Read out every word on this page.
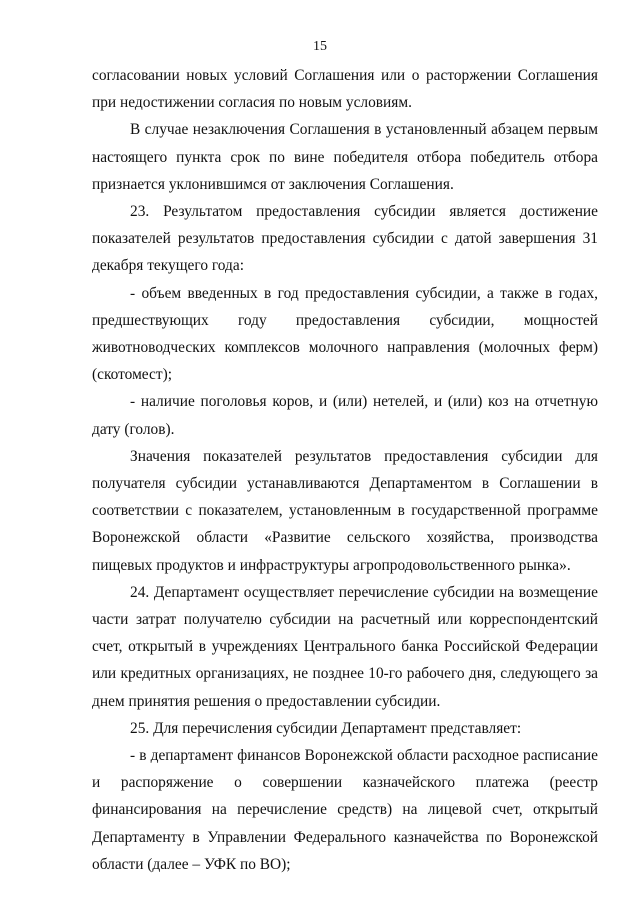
15

согласовании новых условий Соглашения или о расторжении Соглашения при недостижении согласия по новым условиям.

В случае незаключения Соглашения в установленный абзацем первым настоящего пункта срок по вине победителя отбора победитель отбора признается уклонившимся от заключения Соглашения.

23. Результатом предоставления субсидии является достижение показателей результатов предоставления субсидии с датой завершения 31 декабря текущего года:

- объем введенных в год предоставления субсидии, а также в годах, предшествующих году предоставления субсидии, мощностей животноводческих комплексов молочного направления (молочных ферм) (скотомест);

- наличие поголовья коров, и (или) нетелей, и (или) коз на отчетную дату (голов).

Значения показателей результатов предоставления субсидии для получателя субсидии устанавливаются Департаментом в Соглашении в соответствии с показателем, установленным в государственной программе Воронежской области «Развитие сельского хозяйства, производства пищевых продуктов и инфраструктуры агропродовольственного рынка».

24. Департамент осуществляет перечисление субсидии на возмещение части затрат получателю субсидии на расчетный или корреспондентский счет, открытый в учреждениях Центрального банка Российской Федерации или кредитных организациях, не позднее 10-го рабочего дня, следующего за днем принятия решения о предоставлении субсидии.

25. Для перечисления субсидии Департамент представляет:

- в департамент финансов Воронежской области расходное расписание и распоряжение о совершении казначейского платежа (реестр финансирования на перечисление средств) на лицевой счет, открытый Департаменту в Управлении Федерального казначейства по Воронежской области (далее – УФК по ВО);
